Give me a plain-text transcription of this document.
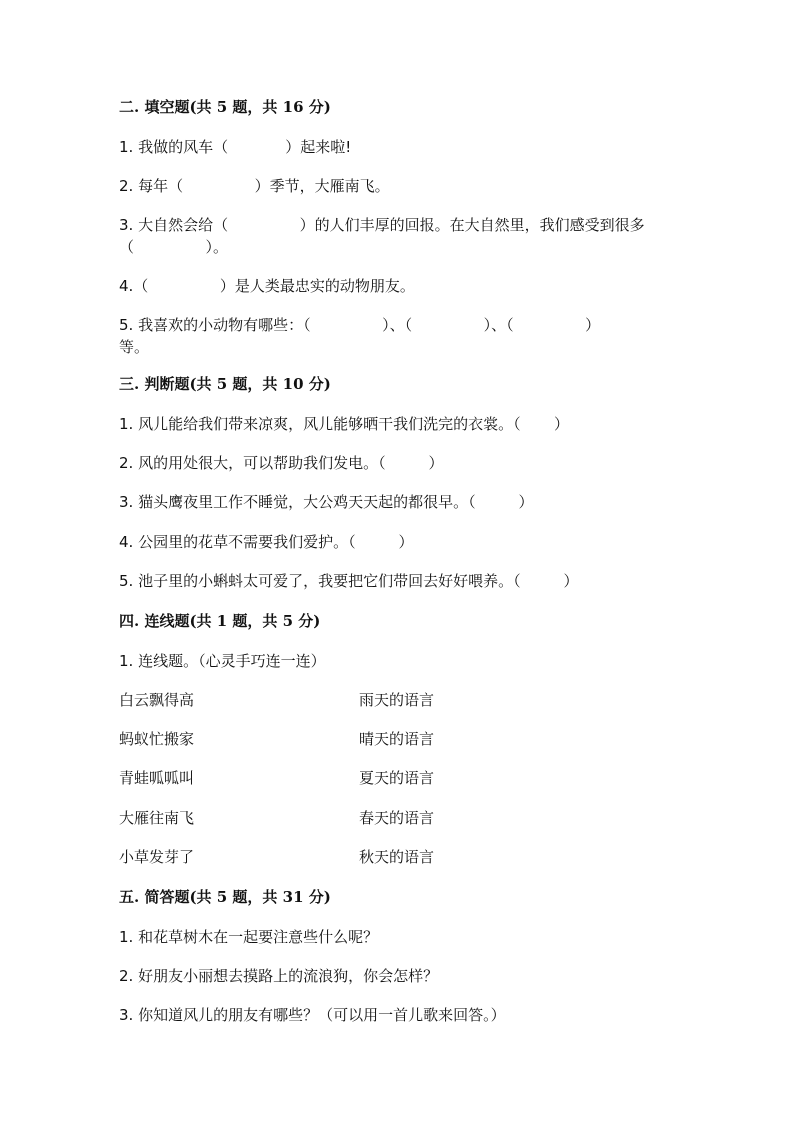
二. 填空题(共 5 题，共 16 分)
1. 我做的风车（            ）起来啦!
2. 每年（               ）季节，大雁南飞。
3. 大自然会给（               ）的人们丰厚的回报。在大自然里，我们感受到很多
（               ）。
4.（               ）是人类最忠实的动物朋友。
5. 我喜欢的小动物有哪些：（               ）、（               ）、（               ）
等。
三. 判断题(共 5 题，共 10 分)
1. 风儿能给我们带来凉爽，风儿能够晒干我们洗完的衣裳。（       ）
2. 风的用处很大，可以帮助我们发电。（         ）
3. 猫头鹰夜里工作不睡觉，大公鸡天天起的都很早。（         ）
4. 公园里的花草不需要我们爱护。（         ）
5. 池子里的小蝌蚪太可爱了，我要把它们带回去好好喂养。（         ）
四. 连线题(共 1 题，共 5 分)
1. 连线题。（心灵手巧连一连）
白云飘得高	雨天的语言
蚂蚁忙搬家	晴天的语言
青蛙呱呱叫	夏天的语言
大雁往南飞	春天的语言
小草发芽了	秋天的语言
五. 简答题(共 5 题，共 31 分)
1. 和花草树木在一起要注意些什么呢？
2. 好朋友小丽想去摸路上的流浪狗，你会怎样？
3. 你知道风儿的朋友有哪些？（可以用一首儿歌来回答。）
